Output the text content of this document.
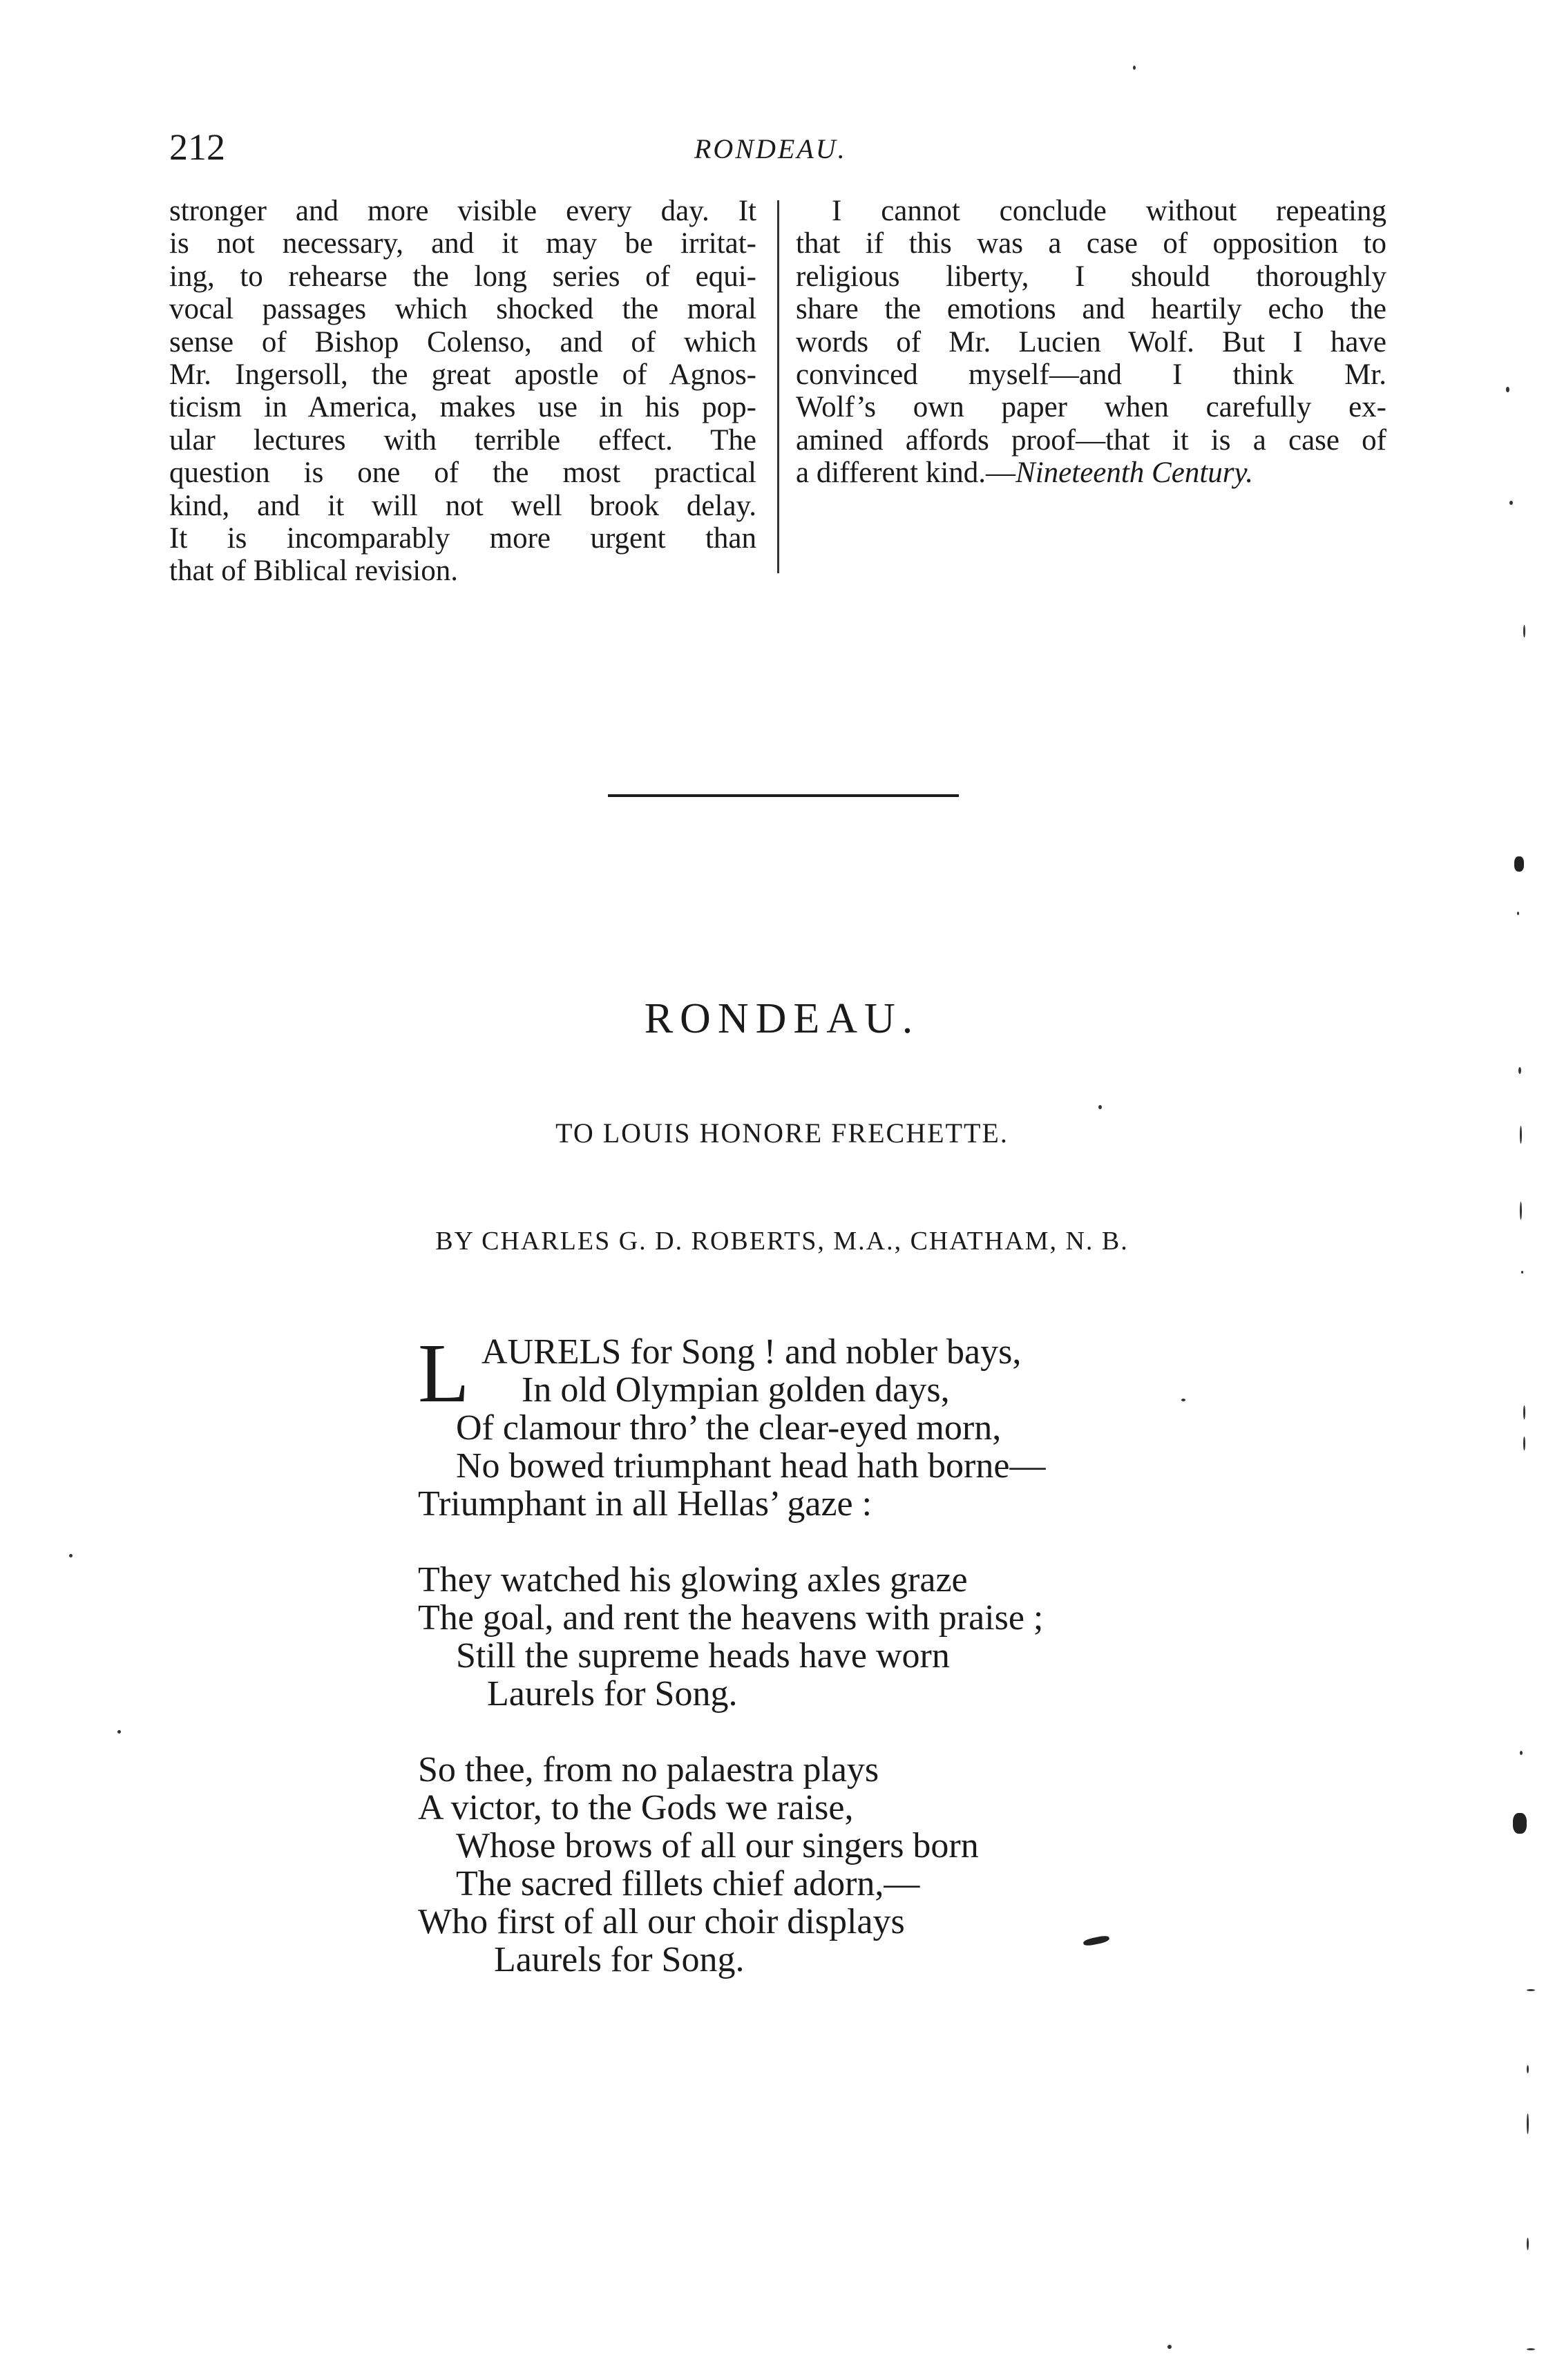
212	RONDEAU.
stronger and more visible every day. It
is not necessary, and it may be irritat-
ing, to rehearse the long series of equi-
vocal passages which shocked the moral
sense of Bishop Colenso, and of which
Mr. Ingersoll, the great apostle of Agnos-
ticism in America, makes use in his pop-
ular lectures with terrible effect. The
question is one of the most practical
kind, and it will not well brook delay.
It is incomparably more urgent than
that of Biblical revision.
I cannot conclude without repeating
that if this was a case of opposition to
religious liberty, I should thoroughly
share the emotions and heartily echo the
words of Mr. Lucien Wolf. But I have
convinced myself—and I think Mr.
Wolf’s own paper when carefully ex-
amined affords proof—that it is a case of
a different kind.—Nineteenth Century.
RONDEAU.
TO LOUIS HONORE FRECHETTE.
BY CHARLES G. D. ROBERTS, M.A., CHATHAM, N. B.
L AURELS for Song ! and nobler bays,
In old Olympian golden days,
Of clamour thro’ the clear-eyed morn,
No bowed triumphant head hath borne—
Triumphant in all Hellas’ gaze :
They watched his glowing axles graze
The goal, and rent the heavens with praise ;
Still the supreme heads have worn
Laurels for Song.
So thee, from no palaestra plays
A victor, to the Gods we raise,
Whose brows of all our singers born
The sacred fillets chief adorn,—
Who first of all our choir displays
Laurels for Song.
